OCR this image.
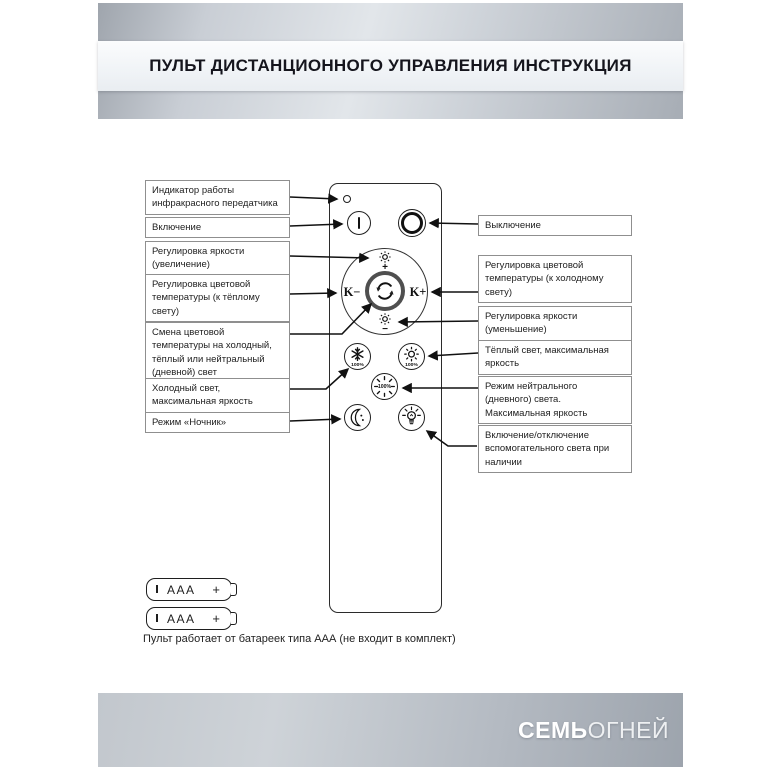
ПУЛЬТ ДИСТАНЦИОННОГО УПРАВЛЕНИЯ ИНСТРУКЦИЯ
Индикатор работы инфракрасного передатчика
Включение
Регулировка яркости (увеличение)
Регулировка цветовой температуры (к тёплому свету)
Смена цветовой температуры на холодный, тёплый или нейтральный (дневной) свет
Холодный свет, максимальная яркость
Режим «Ночник»
Выключение
Регулировка цветовой температуры (к холодному свету)
Регулировка яркости (уменьшение)
Тёплый свет, максимальная яркость
Режим нейтрального (дневного) света. Максимальная яркость
Включение/отключение вспомогательного света при наличии
+
K−	K+
−
100%	100%
100%
AAA +
AAA +
Пульт работает от батареек типа ААА (не входит в комплект)
СЕМЬОГНЕЙ
